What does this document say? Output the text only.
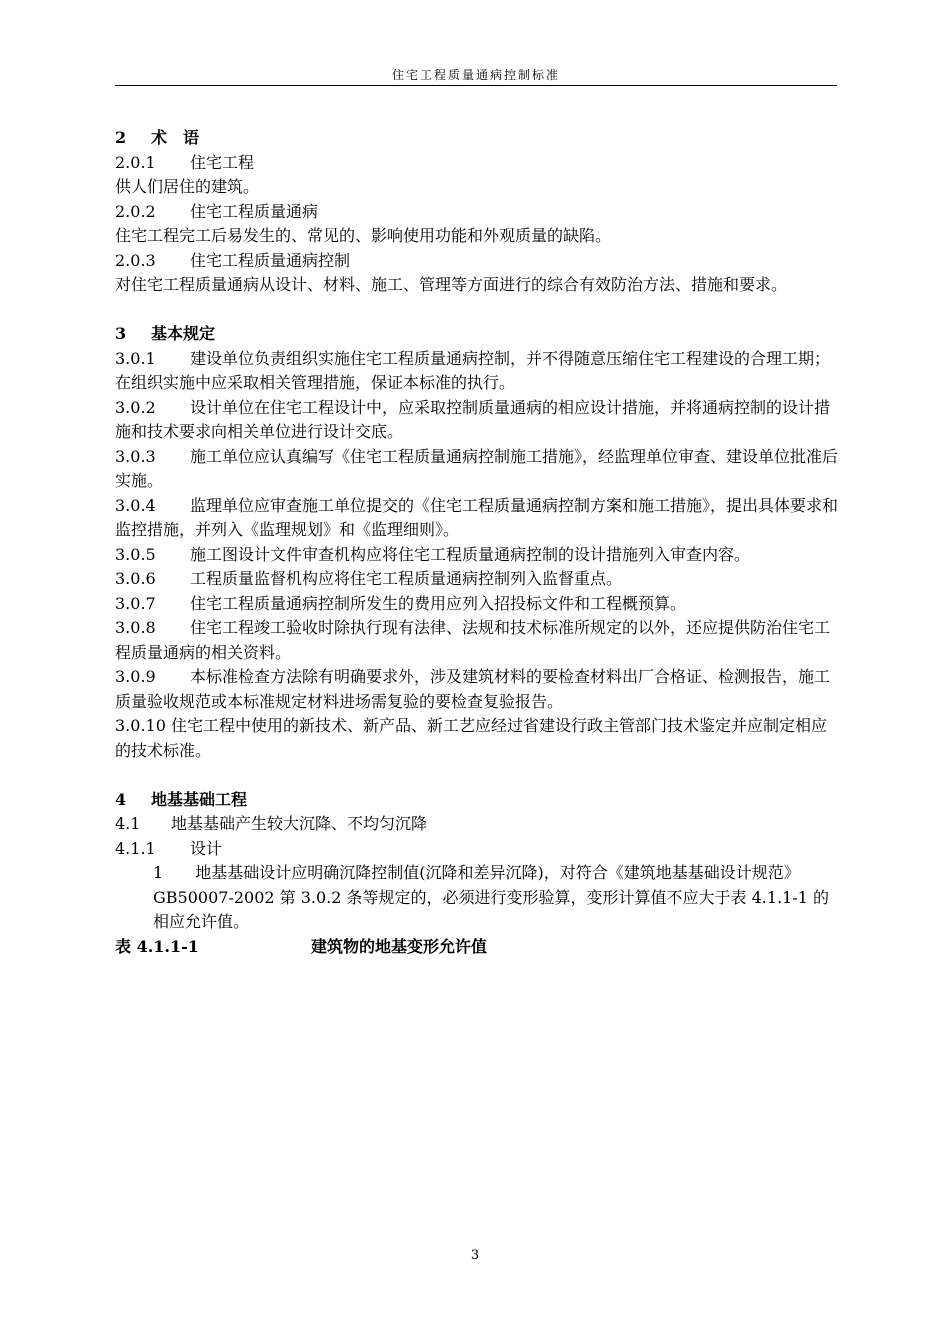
住宅工程质量通病控制标准

2 术　语

2.0.1 住宅工程

供人们居住的建筑。

2.0.2 住宅工程质量通病

住宅工程完工后易发生的、常见的、影响使用功能和外观质量的缺陷。

2.0.3 住宅工程质量通病控制

对住宅工程质量通病从设计、材料、施工、管理等方面进行的综合有效防治方法、措施和要求。

3 基本规定

3.0.1 建设单位负责组织实施住宅工程质量通病控制，并不得随意压缩住宅工程建设的合理工期；在组织实施中应采取相关管理措施，保证本标准的执行。

3.0.2 设计单位在住宅工程设计中，应采取控制质量通病的相应设计措施，并将通病控制的设计措施和技术要求向相关单位进行设计交底。

3.0.3 施工单位应认真编写《住宅工程质量通病控制施工措施》，经监理单位审查、建设单位批准后实施。

3.0.4 监理单位应审查施工单位提交的《住宅工程质量通病控制方案和施工措施》，提出具体要求和监控措施，并列入《监理规划》和《监理细则》。

3.0.5 施工图设计文件审查机构应将住宅工程质量通病控制的设计措施列入审查内容。

3.0.6 工程质量监督机构应将住宅工程质量通病控制列入监督重点。

3.0.7 住宅工程质量通病控制所发生的费用应列入招投标文件和工程概预算。

3.0.8 住宅工程竣工验收时除执行现有法律、法规和技术标准所规定的以外，还应提供防治住宅工程质量通病的相关资料。

3.0.9 本标准检查方法除有明确要求外，涉及建筑材料的要检查材料出厂合格证、检测报告，施工质量验收规范或本标准规定材料进场需复验的要检查复验报告。

3.0.10 住宅工程中使用的新技术、新产品、新工艺应经过省建设行政主管部门技术鉴定并应制定相应的技术标准。

4 地基基础工程

4.1 地基基础产生较大沉降、不均匀沉降

4.1.1 设计

1　　 地基基础设计应明确沉降控制值(沉降和差异沉降)，对符合《建筑地基基础设计规范》GB50007-2002 第 3.0.2 条等规定的，必须进行变形验算，变形计算值不应大于表 4.1.1-1 的相应允许值。

表 4.1.1-1	建筑物的地基变形允许值

3
